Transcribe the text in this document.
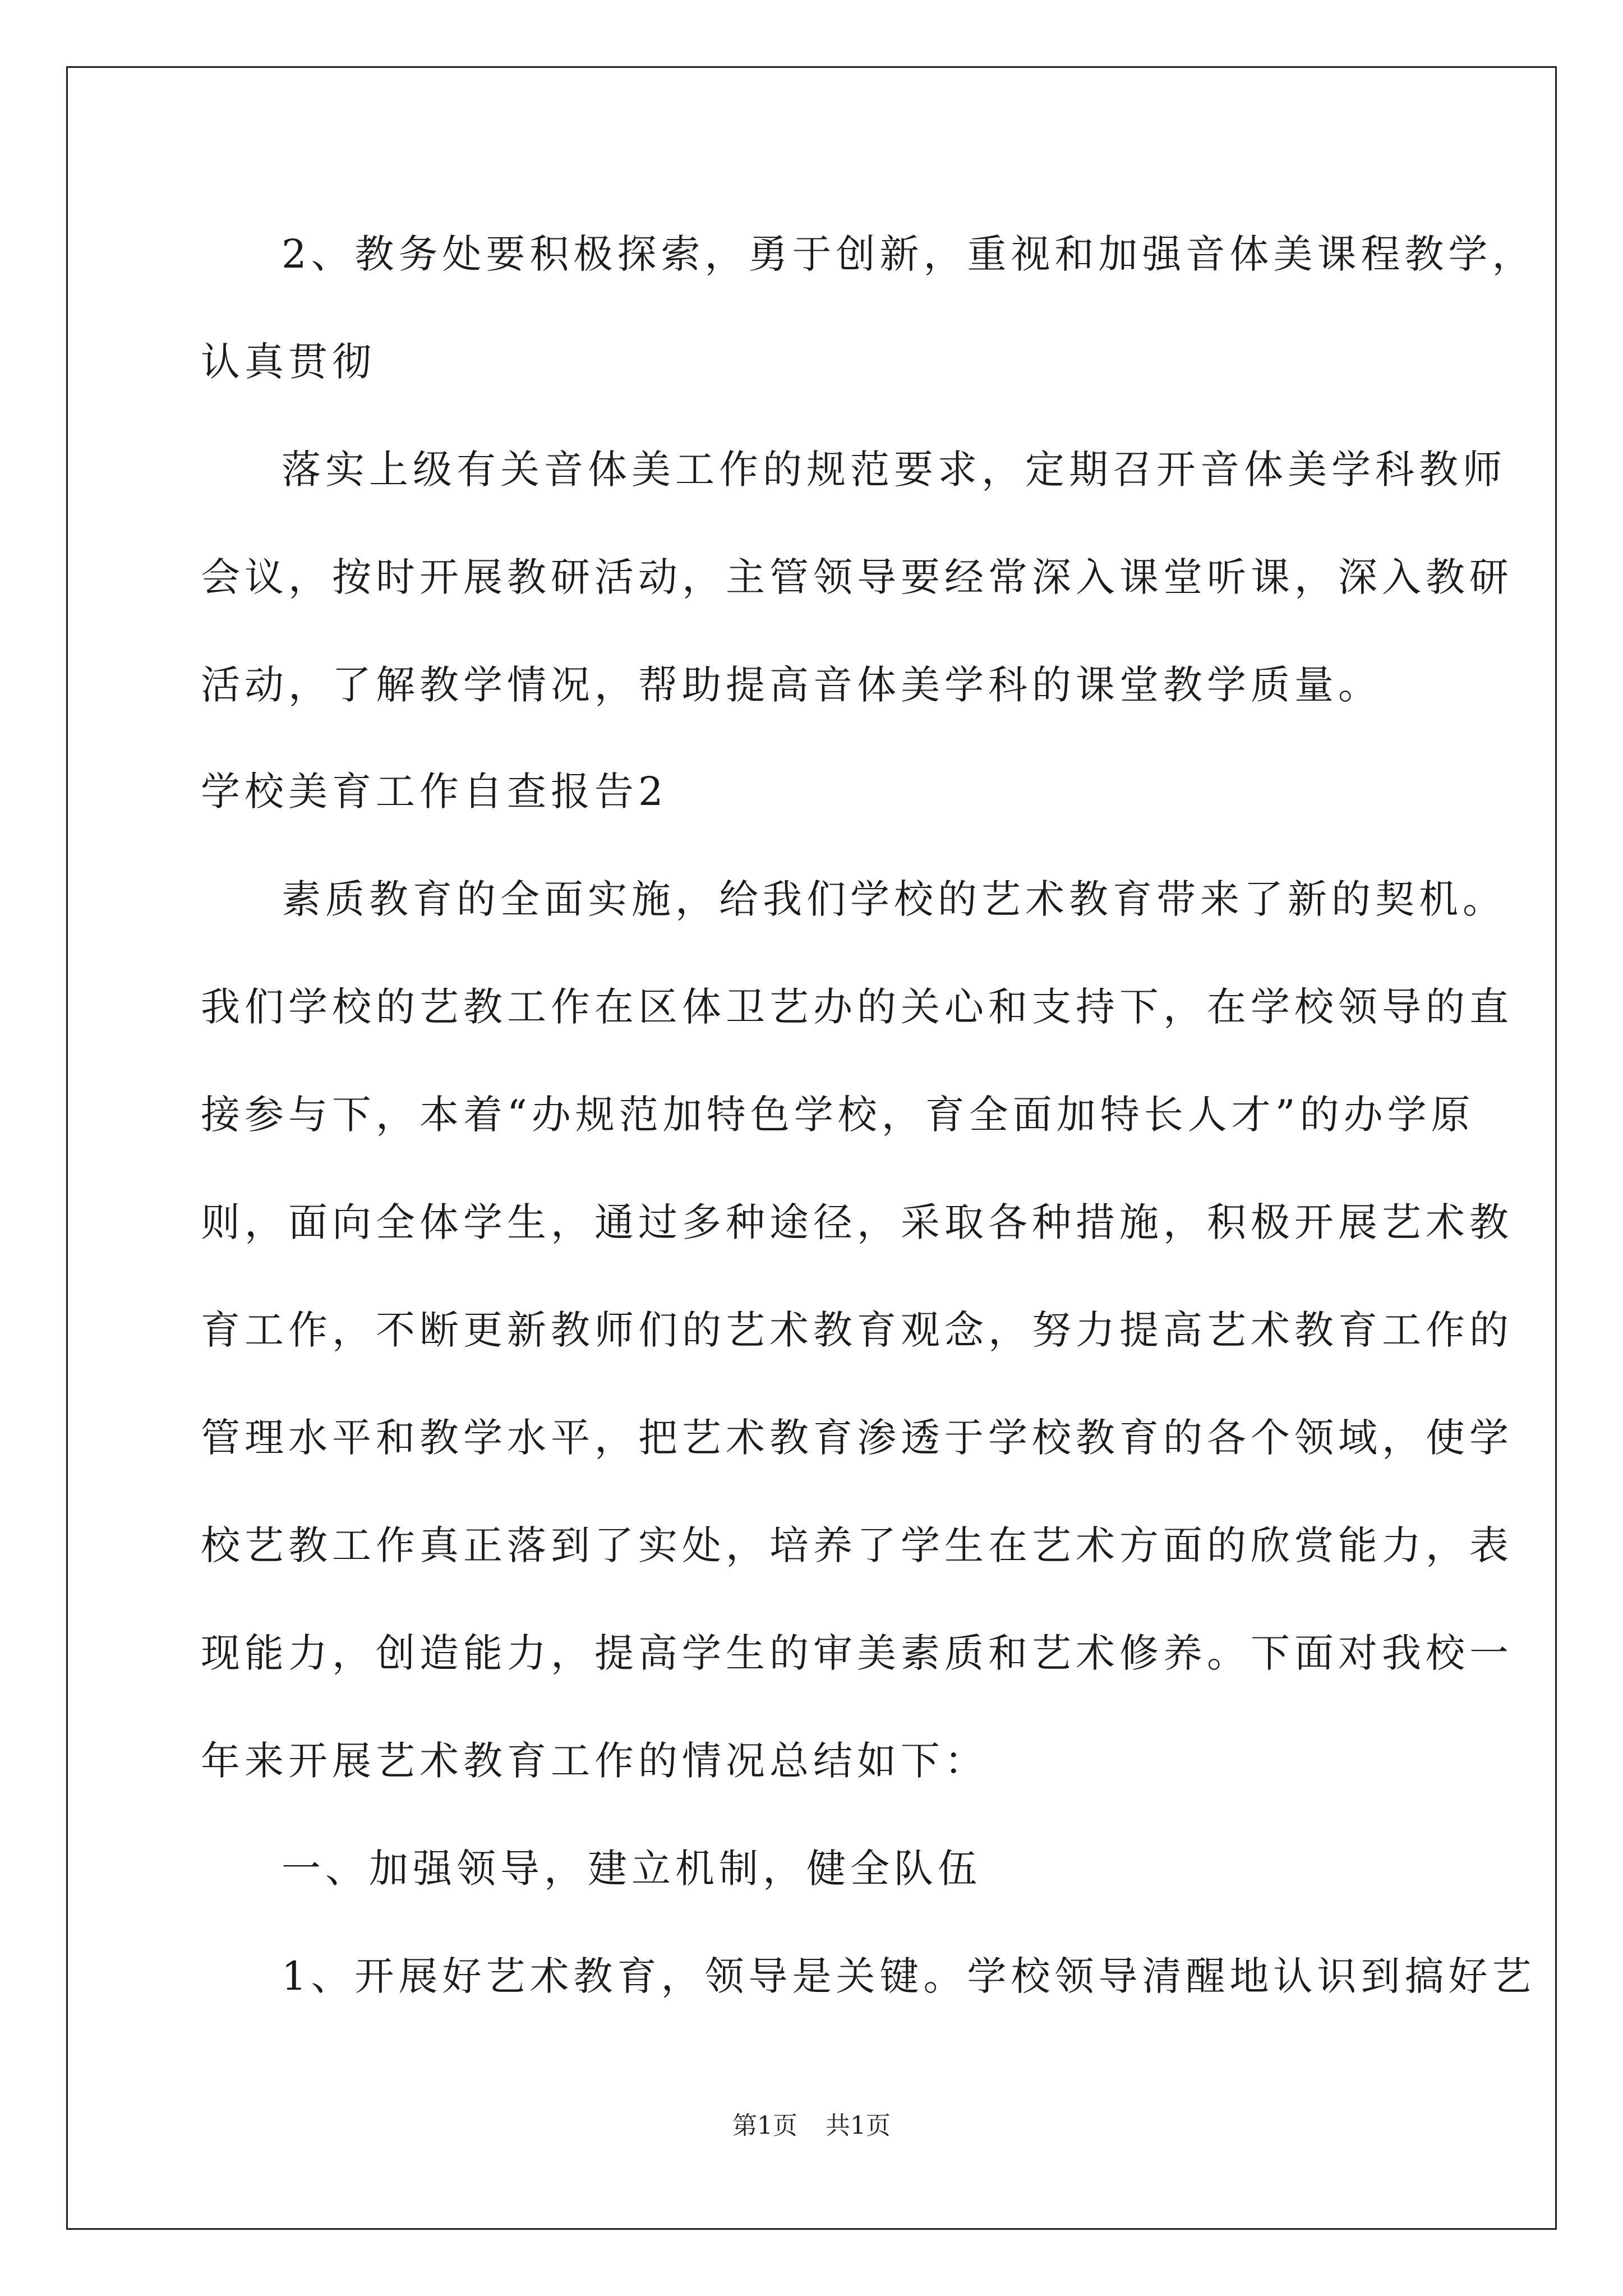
2、教务处要积极探索，勇于创新，重视和加强音体美课程教学，
认真贯彻
落实上级有关音体美工作的规范要求，定期召开音体美学科教师
会议，按时开展教研活动，主管领导要经常深入课堂听课，深入教研
活动，了解教学情况，帮助提高音体美学科的课堂教学质量。
学校美育工作自查报告2
素质教育的全面实施，给我们学校的艺术教育带来了新的契机。
我们学校的艺教工作在区体卫艺办的关心和支持下，在学校领导的直
接参与下，本着“办规范加特色学校，育全面加特长人才”的办学原
则，面向全体学生，通过多种途径，采取各种措施，积极开展艺术教
育工作，不断更新教师们的艺术教育观念，努力提高艺术教育工作的
管理水平和教学水平，把艺术教育渗透于学校教育的各个领域，使学
校艺教工作真正落到了实处，培养了学生在艺术方面的欣赏能力，表
现能力，创造能力，提高学生的审美素质和艺术修养。下面对我校一
年来开展艺术教育工作的情况总结如下：
一、加强领导，建立机制，健全队伍
1、开展好艺术教育，领导是关键。学校领导清醒地认识到搞好艺
第1页 共1页
